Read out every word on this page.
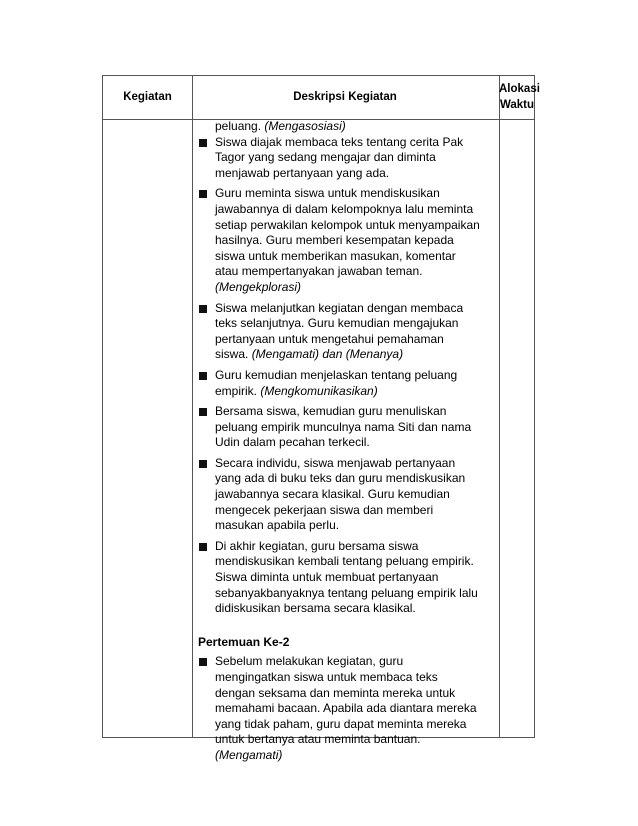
Kegiatan	Deskripsi Kegiatan
Alokasi
Waktu
peluang. (Mengasosiasi)
Siswa diajak membaca teks tentang cerita Pak
Tagor yang sedang mengajar dan diminta
menjawab pertanyaan yang ada.
Guru meminta siswa untuk mendiskusikan
jawabannya di dalam kelompoknya lalu meminta
setiap perwakilan kelompok untuk menyampaikan
hasilnya. Guru memberi kesempatan kepada
siswa untuk memberikan masukan, komentar
atau mempertanyakan jawaban teman.
(Mengekplorasi)
Siswa melanjutkan kegiatan dengan membaca
teks selanjutnya. Guru kemudian mengajukan
pertanyaan untuk mengetahui pemahaman
siswa. (Mengamati) dan (Menanya)
Guru kemudian menjelaskan tentang peluang
empirik. (Mengkomunikasikan)
Bersama siswa, kemudian guru menuliskan
peluang empirik munculnya nama Siti dan nama
Udin dalam pecahan terkecil.
Secara individu, siswa menjawab pertanyaan
yang ada di buku teks dan guru mendiskusikan
jawabannya secara klasikal. Guru kemudian
mengecek pekerjaan siswa dan memberi
masukan apabila perlu.
Di akhir kegiatan, guru bersama siswa
mendiskusikan kembali tentang peluang empirik.
Siswa diminta untuk membuat pertanyaan
sebanyakbanyaknya tentang peluang empirik lalu
didiskusikan bersama secara klasikal.
Pertemuan Ke-2
Sebelum melakukan kegiatan, guru
mengingatkan siswa untuk membaca teks
dengan seksama dan meminta mereka untuk
memahami bacaan. Apabila ada diantara mereka
yang tidak paham, guru dapat meminta mereka
untuk bertanya atau meminta bantuan.
(Mengamati)
